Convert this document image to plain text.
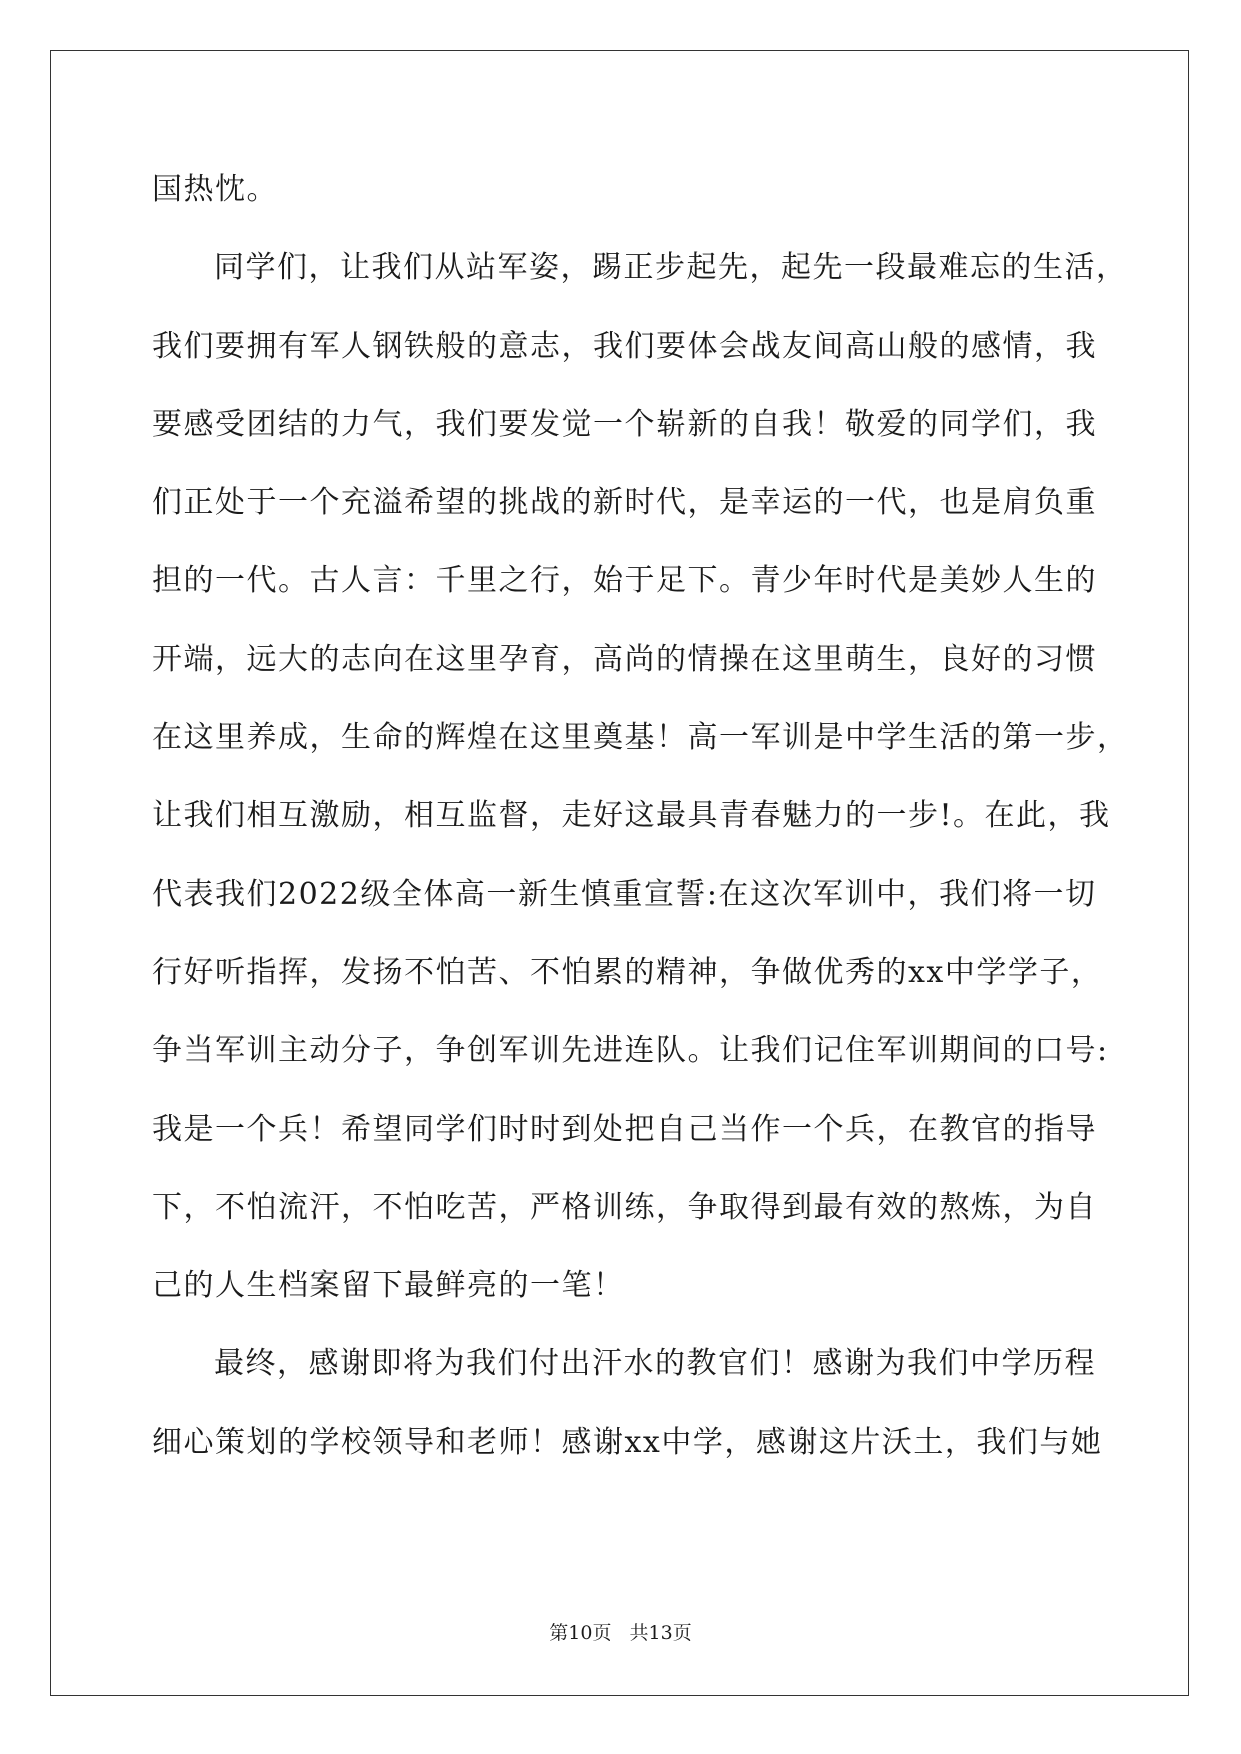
国热忱。
同学们，让我们从站军姿，踢正步起先，起先一段最难忘的生活，
我们要拥有军人钢铁般的意志，我们要体会战友间高山般的感情，我
要感受团结的力气，我们要发觉一个崭新的自我！敬爱的同学们，我
们正处于一个充溢希望的挑战的新时代，是幸运的一代，也是肩负重
担的一代。古人言：千里之行，始于足下。青少年时代是美妙人生的
开端，远大的志向在这里孕育，高尚的情操在这里萌生，良好的习惯
在这里养成，生命的辉煌在这里奠基！高一军训是中学生活的第一步，
让我们相互激励，相互监督，走好这最具青春魅力的一步!。在此，我
代表我们2022级全体高一新生慎重宣誓:在这次军训中，我们将一切
行好听指挥，发扬不怕苦、不怕累的精神，争做优秀的xx中学学子，
争当军训主动分子，争创军训先进连队。让我们记住军训期间的口号:
我是一个兵！希望同学们时时到处把自己当作一个兵，在教官的指导
下，不怕流汗，不怕吃苦，严格训练，争取得到最有效的熬炼，为自
己的人生档案留下最鲜亮的一笔！
最终，感谢即将为我们付出汗水的教官们！感谢为我们中学历程
细心策划的学校领导和老师！感谢xx中学，感谢这片沃土，我们与她
第10页 共13页
